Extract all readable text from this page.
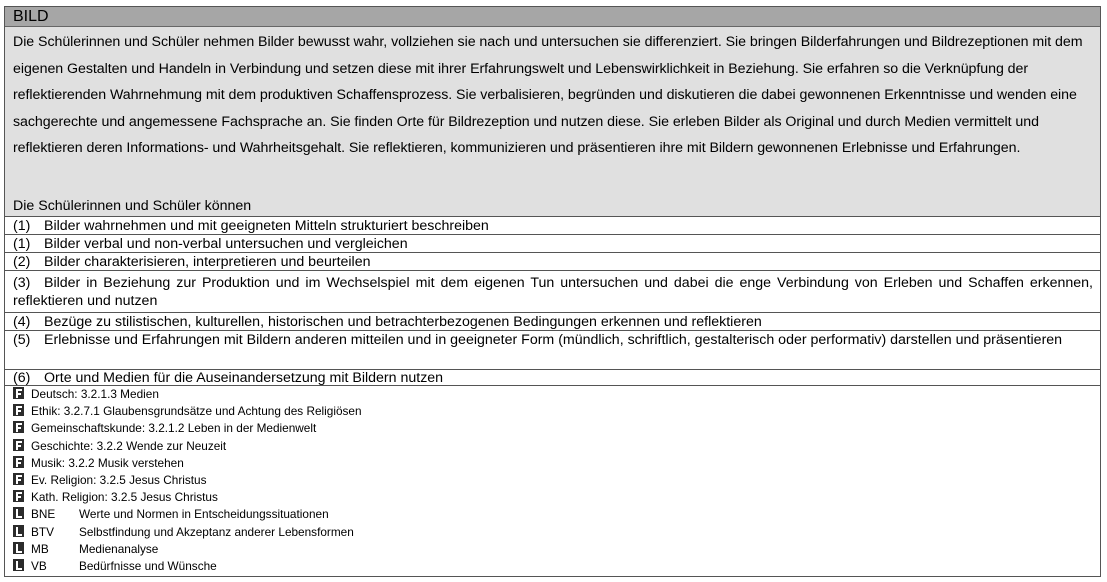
BILD
Die Schülerinnen und Schüler nehmen Bilder bewusst wahr, vollziehen sie nach und untersuchen sie differenziert. Sie bringen Bilderfahrungen und Bildrezeptionen mit dem eigenen Gestalten und Handeln in Verbindung und setzen diese mit ihrer Erfahrungswelt und Lebenswirklichkeit in Beziehung. Sie erfahren so die Verknüpfung der reflektierenden Wahrnehmung mit dem produktiven Schaffensprozess. Sie verbalisieren, begründen und diskutieren die dabei gewonnenen Erkenntnisse und wenden eine sachgerechte und angemessene Fachsprache an. Sie finden Orte für Bildrezeption und nutzen diese. Sie erleben Bilder als Original und durch Medien vermittelt und reflektieren deren Informations- und Wahrheitsgehalt. Sie reflektieren, kommunizieren und präsentieren ihre mit Bildern gewonnenen Erlebnisse und Erfahrungen.
Die Schülerinnen und Schüler können
(1) Bilder wahrnehmen und mit geeigneten Mitteln strukturiert beschreiben
(1) Bilder verbal und non-verbal untersuchen und vergleichen
(2) Bilder charakterisieren, interpretieren und beurteilen
(3) Bilder in Beziehung zur Produktion und im Wechselspiel mit dem eigenen Tun untersuchen und dabei die enge Verbindung von Erleben und Schaffen erkennen, reflektieren und nutzen
(4) Bezüge zu stilistischen, kulturellen, historischen und betrachterbezogenen Bedingungen erkennen und reflektieren
(5) Erlebnisse und Erfahrungen mit Bildern anderen mitteilen und in geeigneter Form (mündlich, schriftlich, gestalterisch oder performativ) darstellen und präsentieren
(6) Orte und Medien für die Auseinandersetzung mit Bildern nutzen
Deutsch: 3.2.1.3 Medien
Ethik: 3.2.7.1 Glaubensgrundsätze und Achtung des Religiösen
Gemeinschaftskunde: 3.2.1.2 Leben in der Medienwelt
Geschichte: 3.2.2 Wende zur Neuzeit
Musik: 3.2.2 Musik verstehen
Ev. Religion: 3.2.5 Jesus Christus
Kath. Religion: 3.2.5 Jesus Christus
BNE Werte und Normen in Entscheidungssituationen
BTV Selbstfindung und Akzeptanz anderer Lebensformen
MB	Medienanalyse
VB	Bedürfnisse und Wünsche
